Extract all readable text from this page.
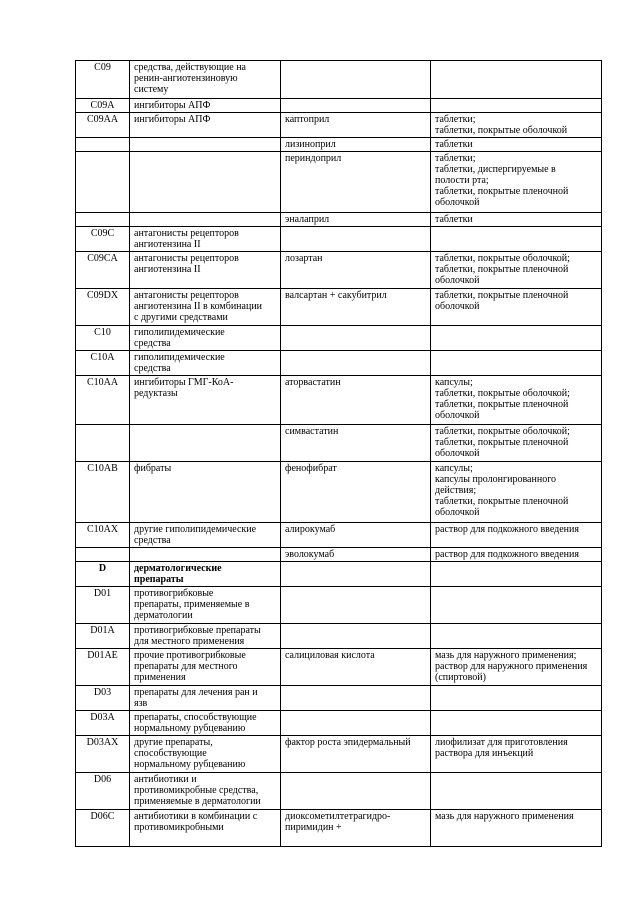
C09	средства, действующие на
ренин-ангиотензиновую
систему		
C09A	ингибиторы АПФ		
C09AA	ингибиторы АПФ	каптоприл	таблетки;
таблетки, покрытые оболочкой
		лизиноприл	таблетки
		периндоприл	таблетки;
таблетки, диспергируемые в
полости рта;
таблетки, покрытые пленочной
оболочкой
		эналаприл	таблетки
C09C	антагонисты рецепторов
ангиотензина II		
C09CA	антагонисты рецепторов
ангиотензина II	лозартан	таблетки, покрытые оболочкой;
таблетки, покрытые пленочной
оболочкой
C09DX	антагонисты рецепторов
ангиотензина II в комбинации
с другими средствами	валсартан + сакубитрил	таблетки, покрытые пленочной
оболочкой
C10	гиполипидемические
средства		
C10A	гиполипидемические
средства		
C10AA	ингибиторы ГМГ-КоА-
редуктазы	аторвастатин	капсулы;
таблетки, покрытые оболочкой;
таблетки, покрытые пленочной
оболочкой
		симвастатин	таблетки, покрытые оболочкой;
таблетки, покрытые пленочной
оболочкой
C10AB	фибраты	фенофибрат	капсулы;
капсулы пролонгированного
действия;
таблетки, покрытые пленочной
оболочкой
C10AX	другие гиполипидемические
средства	алирокумаб	раствор для подкожного введения
		эволокумаб	раствор для подкожного введения
D	дерматологические
препараты		
D01	противогрибковые
препараты, применяемые в
дерматологии		
D01A	противогрибковые препараты
для местного применения		
D01AE	прочие противогрибковые
препараты для местного
применения	салициловая кислота	мазь для наружного применения;
раствор для наружного применения
(спиртовой)
D03	препараты для лечения ран и
язв		
D03A	препараты, способствующие
нормальному рубцеванию		
D03AX	другие препараты,
способствующие
нормальному рубцеванию	фактор роста эпидермальный	лиофилизат для приготовления
раствора для инъекций
D06	антибиотики и
противомикробные средства,
применяемые в дерматологии		
D06C	антибиотики в комбинации с
противомикробными	диоксометилтетрагидро-
пиримидин +	мазь для наружного применения
